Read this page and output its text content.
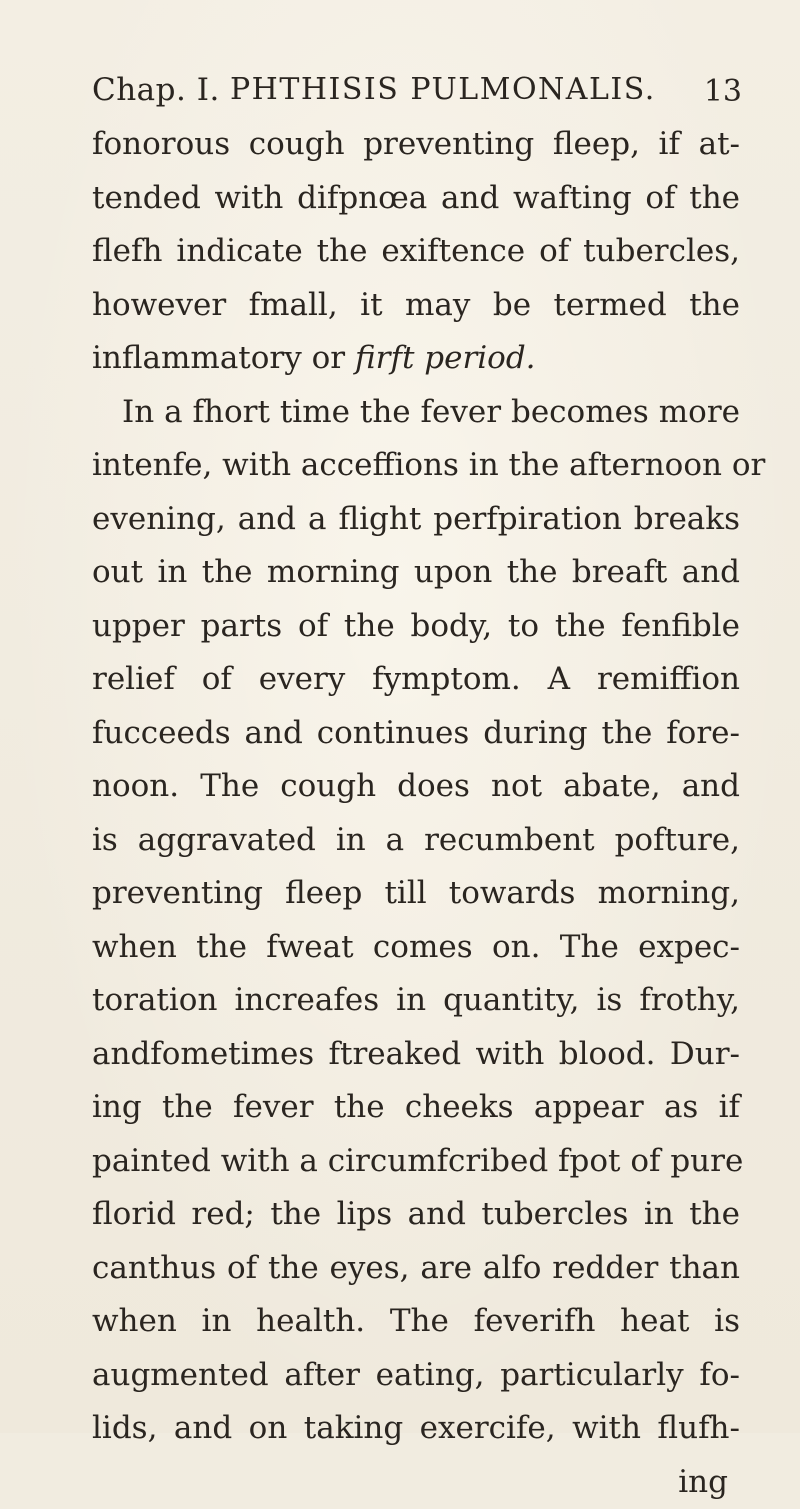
Chap. I. PHTHISIS PULMONALIS. 13
fonorous cough preventing fleep, if at-
tended with difpnœa and wafting of the
flefh indicate the exiftence of tubercles,
however fmall, it may be termed the
inflammatory or firft period.
In a fhort time the fever becomes more
intenfe, with acceffions in the afternoon or
evening, and a flight perfpiration breaks
out in the morning upon the breaft and
upper parts of the body, to the fenfible
relief of every fymptom. A remiffion
fucceeds and continues during the fore-
noon. The cough does not abate, and
is aggravated in a recumbent pofture,
preventing fleep till towards morning,
when the fweat comes on. The expec-
toration increafes in quantity, is frothy,
andfometimes ftreaked with blood. Dur-
ing the fever the cheeks appear as if
painted with a circumfcribed fpot of pure
florid red; the lips and tubercles in the
canthus of the eyes, are alfo redder than
when in health. The feverifh heat is
augmented after eating, particularly fo-
lids, and on taking exercife, with flufh-
ing
